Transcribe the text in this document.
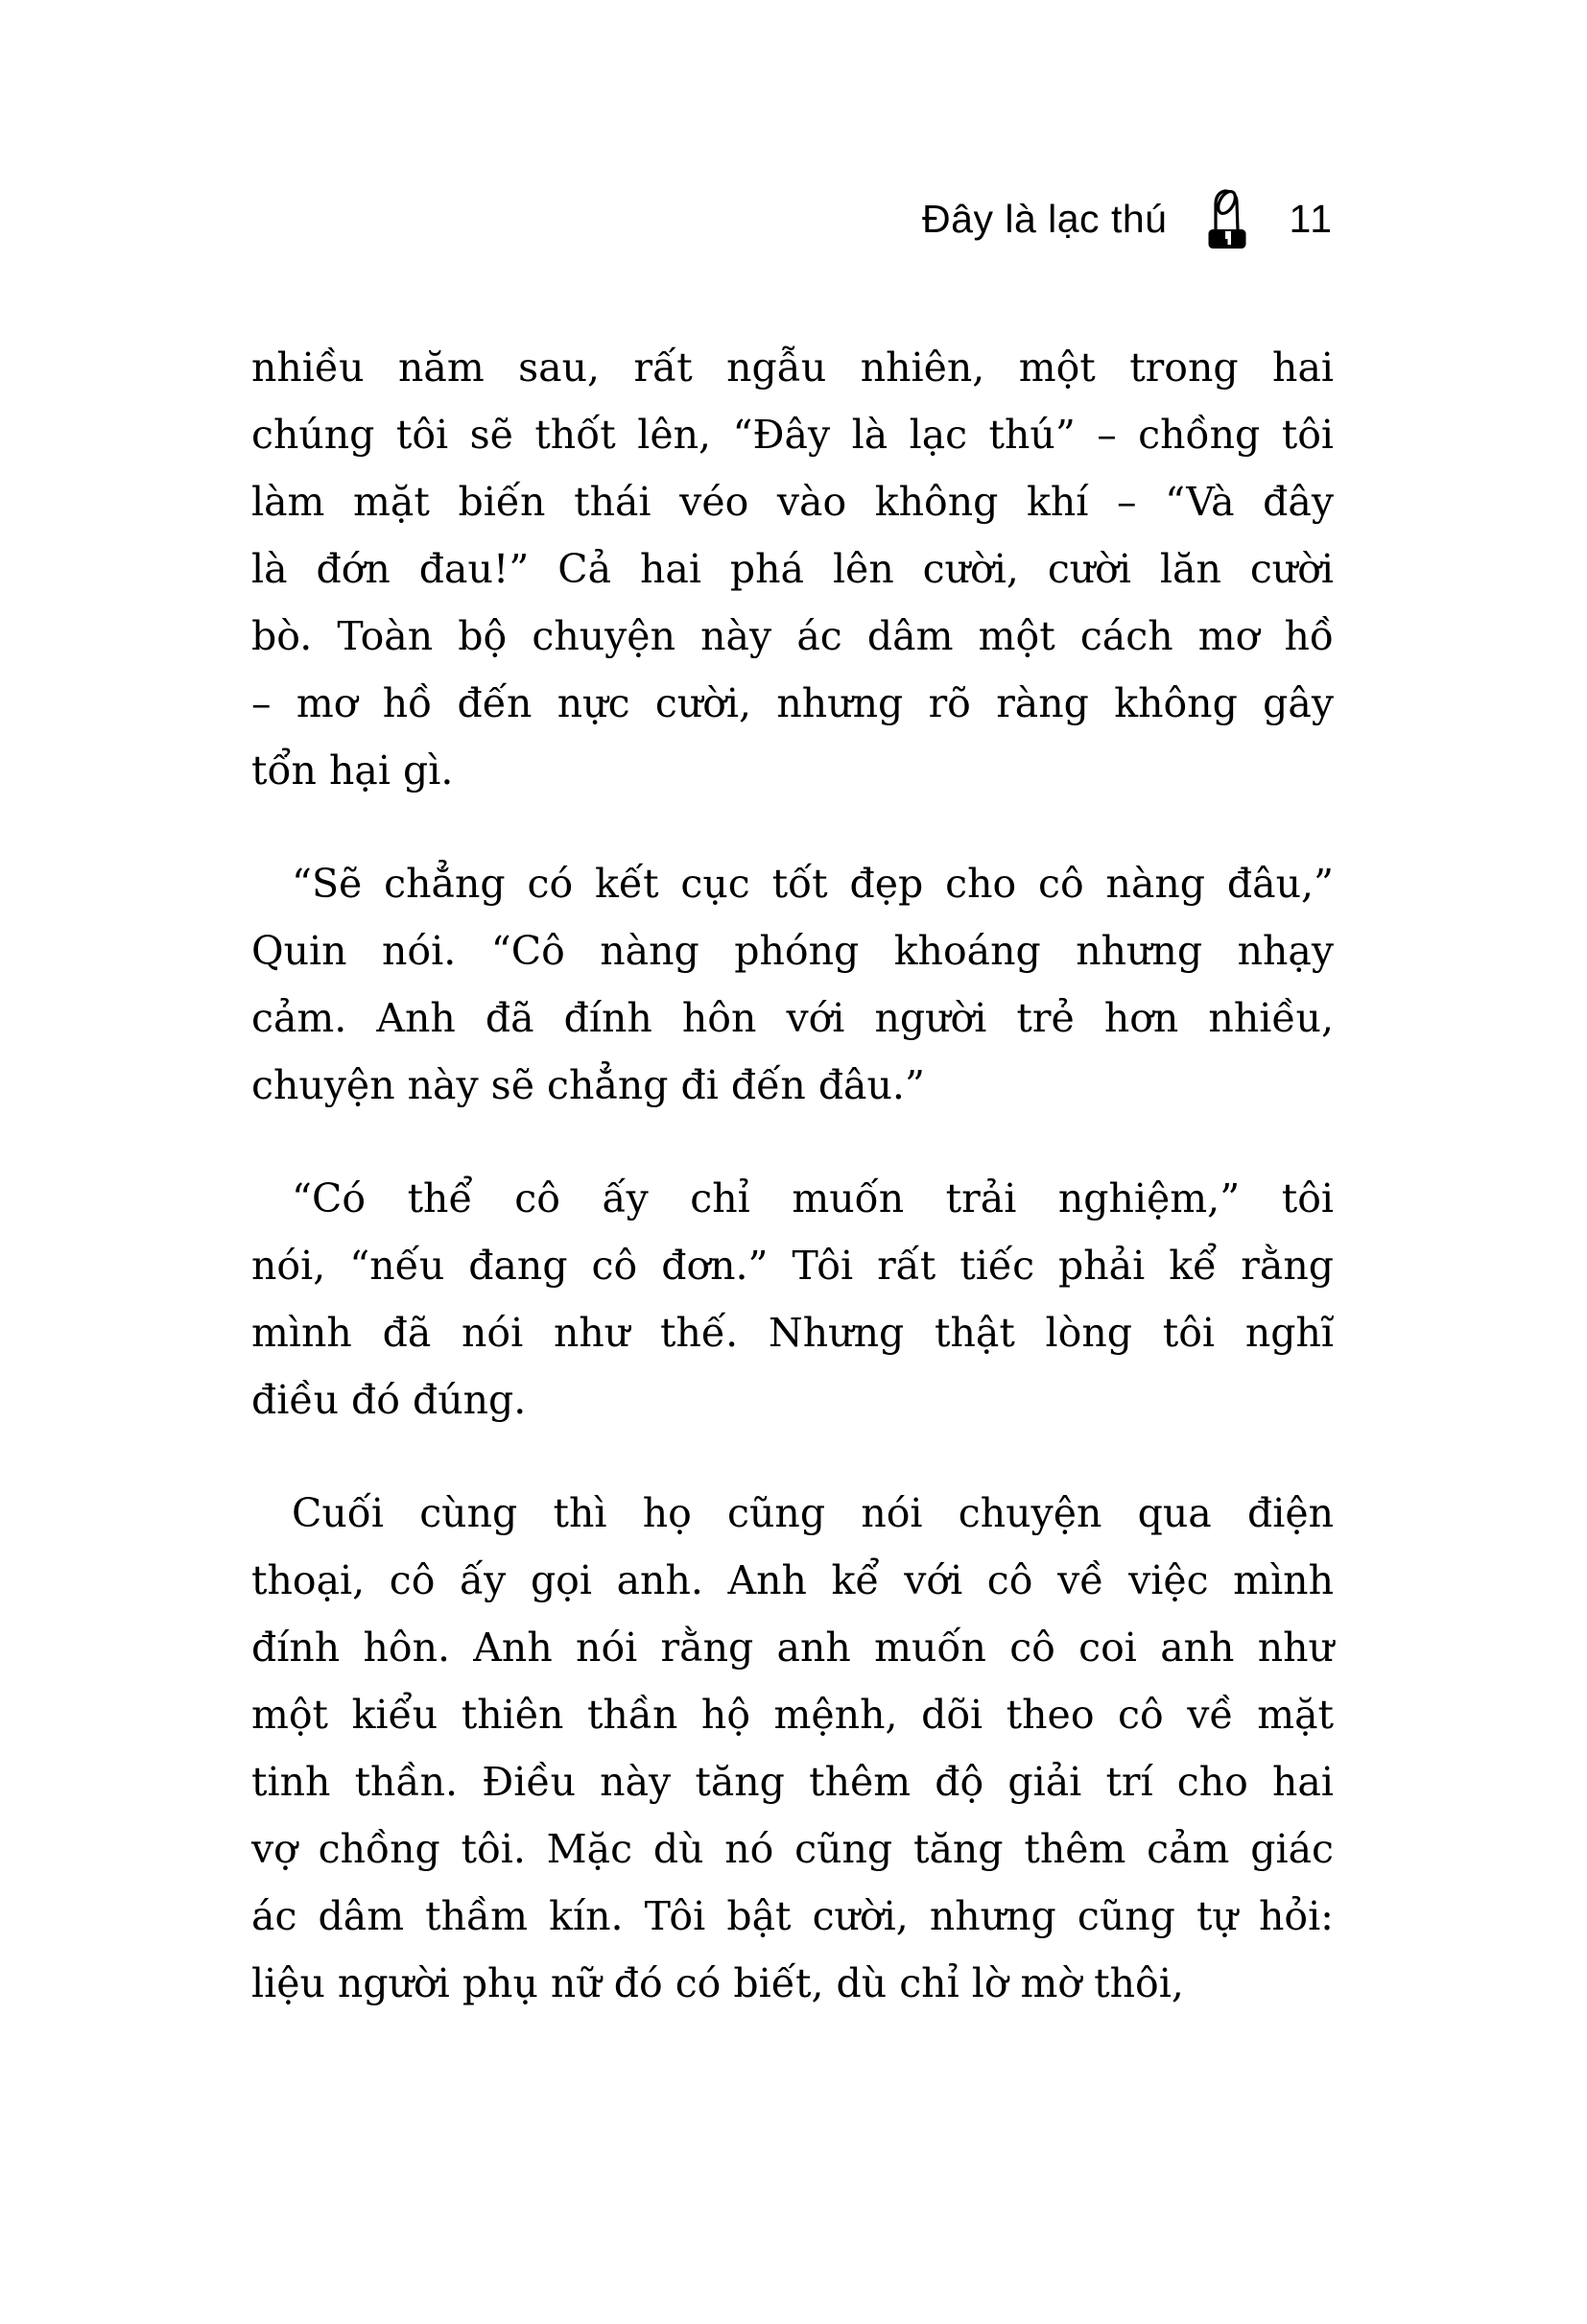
Đây là lạc thú	11
nhiều năm sau, rất ngẫu nhiên, một trong hai
chúng tôi sẽ thốt lên, “Đây là lạc thú” – chồng tôi
làm mặt biến thái véo vào không khí – “Và đây
là đớn đau!” Cả hai phá lên cười, cười lăn cười
bò. Toàn bộ chuyện này ác dâm một cách mơ hồ
– mơ hồ đến nực cười, nhưng rõ ràng không gây
tổn hại gì.
“Sẽ chẳng có kết cục tốt đẹp cho cô nàng đâu,”
Quin nói. “Cô nàng phóng khoáng nhưng nhạy
cảm. Anh đã đính hôn với người trẻ hơn nhiều,
chuyện này sẽ chẳng đi đến đâu.”
“Có thể cô ấy chỉ muốn trải nghiệm,” tôi
nói, “nếu đang cô đơn.” Tôi rất tiếc phải kể rằng
mình đã nói như thế. Nhưng thật lòng tôi nghĩ
điều đó đúng.
Cuối cùng thì họ cũng nói chuyện qua điện
thoại, cô ấy gọi anh. Anh kể với cô về việc mình
đính hôn. Anh nói rằng anh muốn cô coi anh như
một kiểu thiên thần hộ mệnh, dõi theo cô về mặt
tinh thần. Điều này tăng thêm độ giải trí cho hai
vợ chồng tôi. Mặc dù nó cũng tăng thêm cảm giác
ác dâm thầm kín. Tôi bật cười, nhưng cũng tự hỏi:
liệu người phụ nữ đó có biết, dù chỉ lờ mờ thôi,
